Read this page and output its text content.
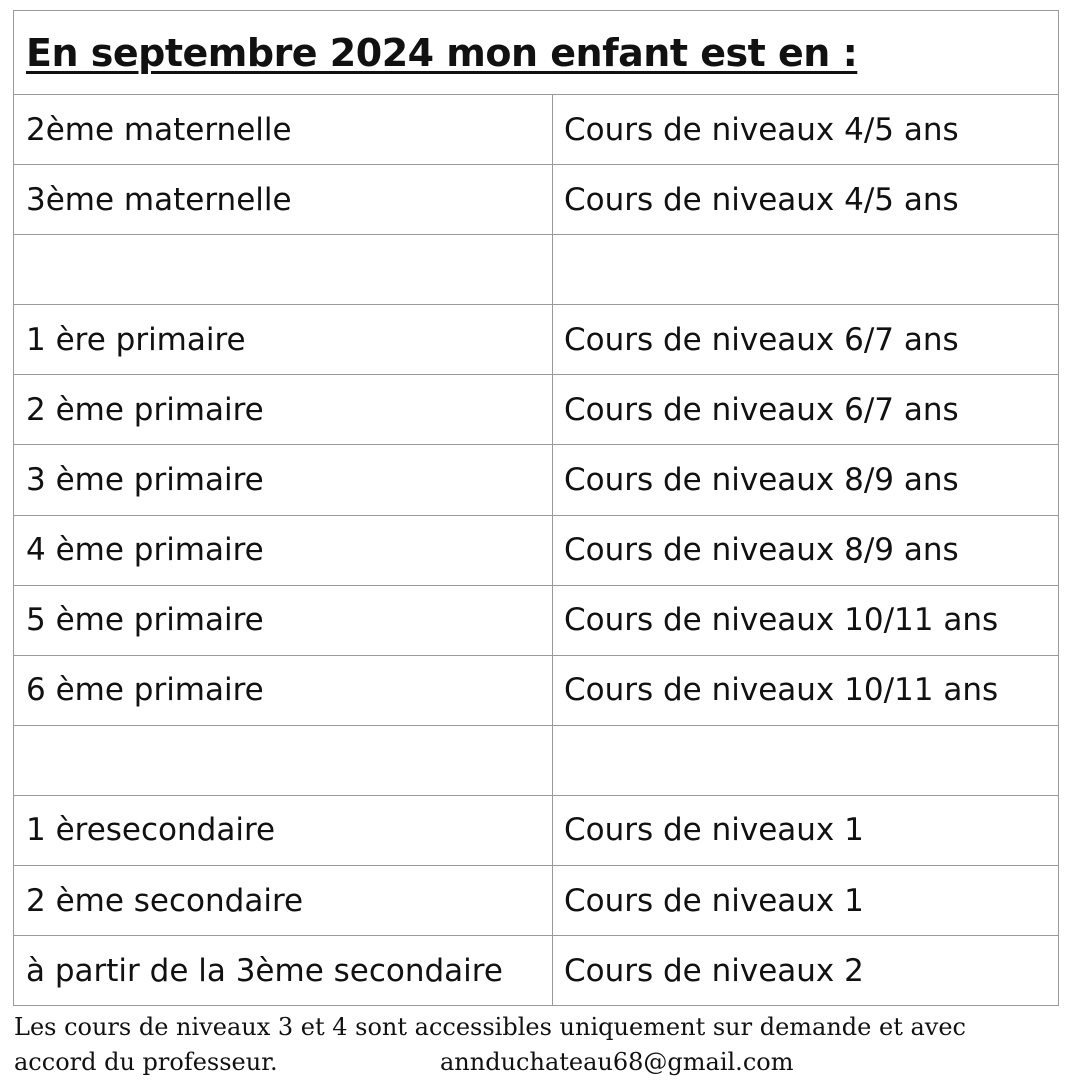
En septembre 2024 mon enfant est en :
2ème maternelle	Cours de niveaux 4/5 ans
3ème maternelle	Cours de niveaux 4/5 ans
1 ère primaire	Cours de niveaux 6/7 ans
2 ème primaire	Cours de niveaux 6/7 ans
3 ème primaire	Cours de niveaux 8/9 ans
4 ème primaire	Cours de niveaux 8/9 ans
5 ème primaire	Cours de niveaux 10/11 ans
6 ème primaire	Cours de niveaux 10/11 ans
1 èresecondaire	Cours de niveaux 1
2 ème secondaire	Cours de niveaux 1
à partir de la 3ème secondaire	Cours de niveaux 2
Les cours de niveaux 3 et 4 sont accessibles uniquement sur demande et avec
accord du professeur.	annduchateau68@gmail.com
